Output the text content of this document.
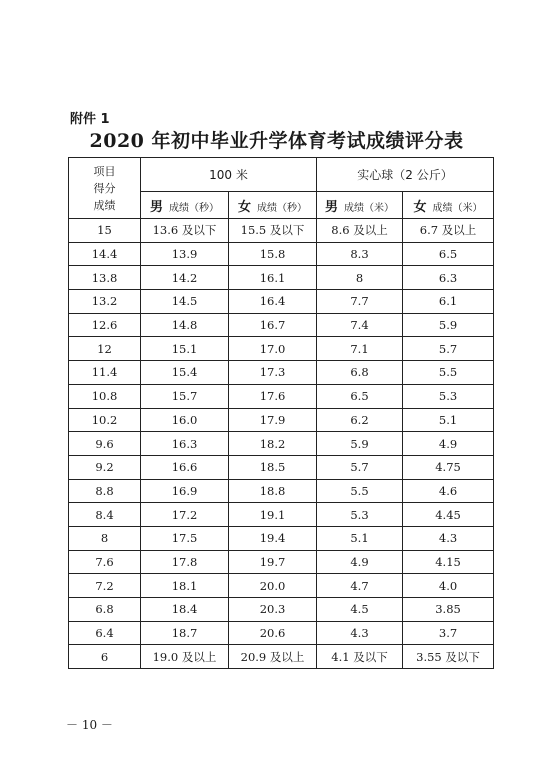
附件 1
2020 年初中毕业升学体育考试成绩评分表
项目
得分
成绩	100 米		实心球（2 公斤）	
	男 成绩（秒）	女 成绩（秒）	男 成绩（米）	女 成绩（米）
15	13.6 及以下	15.5 及以下	8.6 及以上	6.7 及以上
14.4	13.9	15.8	8.3	6.5
13.8	14.2	16.1	8	6.3
13.2	14.5	16.4	7.7	6.1
12.6	14.8	16.7	7.4	5.9
12	15.1	17.0	7.1	5.7
11.4	15.4	17.3	6.8	5.5
10.8	15.7	17.6	6.5	5.3
10.2	16.0	17.9	6.2	5.1
9.6	16.3	18.2	5.9	4.9
9.2	16.6	18.5	5.7	4.75
8.8	16.9	18.8	5.5	4.6
8.4	17.2	19.1	5.3	4.45
8	17.5	19.4	5.1	4.3
7.6	17.8	19.7	4.9	4.15
7.2	18.1	20.0	4.7	4.0
6.8	18.4	20.3	4.5	3.85
6.4	18.7	20.6	4.3	3.7
6	19.0 及以上	20.9 及以上	4.1 及以下	3.55 及以下
－ 10 －
